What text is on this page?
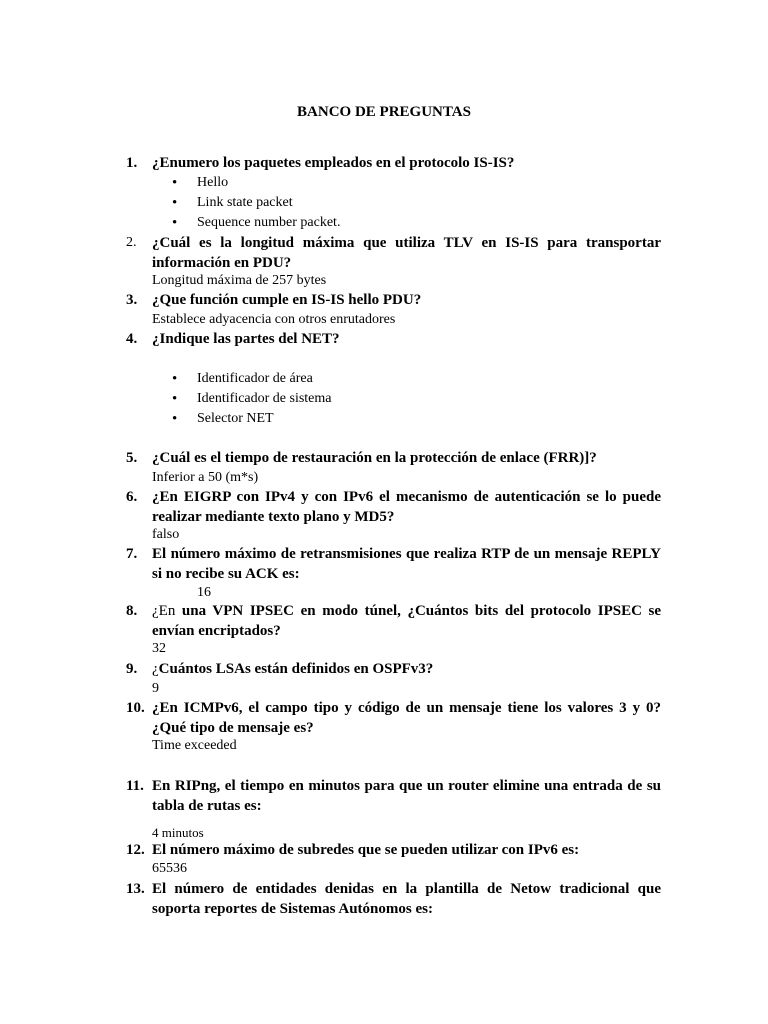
BANCO DE PREGUNTAS
1. ¿Enumero los paquetes empleados en el protocolo IS-IS?
• Hello
• Link state packet
• Sequence number packet.
2. ¿Cuál es la longitud máxima que utiliza TLV en IS-IS para transportar información en PDU?
Longitud máxima de 257 bytes
3. ¿Que función cumple en IS-IS hello PDU?
Establece adyacencia con otros enrutadores
4. ¿Indique las partes del NET?
• Identificador de área
• Identificador de sistema
• Selector NET
5. ¿Cuál es el tiempo de restauración en la protección de enlace (FRR)]?
Inferior a 50 (m*s)
6. ¿En EIGRP con IPv4 y con IPv6 el mecanismo de autenticación se lo puede realizar mediante texto plano y MD5?
falso
7. El número máximo de retransmisiones que realiza RTP de un mensaje REPLY si no recibe su ACK es:
16
8. ¿En una VPN IPSEC en modo túnel, ¿Cuántos bits del protocolo IPSEC se envían encriptados?
32
9. ¿Cuántos LSAs están definidos en OSPFv3?
9
10. ¿En ICMPv6, el campo tipo y código de un mensaje tiene los valores 3 y 0? ¿Qué tipo de mensaje es?
Time exceeded
11. En RIPng, el tiempo en minutos para que un router elimine una entrada de su tabla de rutas es:
4 minutos
12. El número máximo de subredes que se pueden utilizar con IPv6 es:
65536
13. El número de entidades denidas en la plantilla de Netow tradicional que soporta reportes de Sistemas Autónomos es:
